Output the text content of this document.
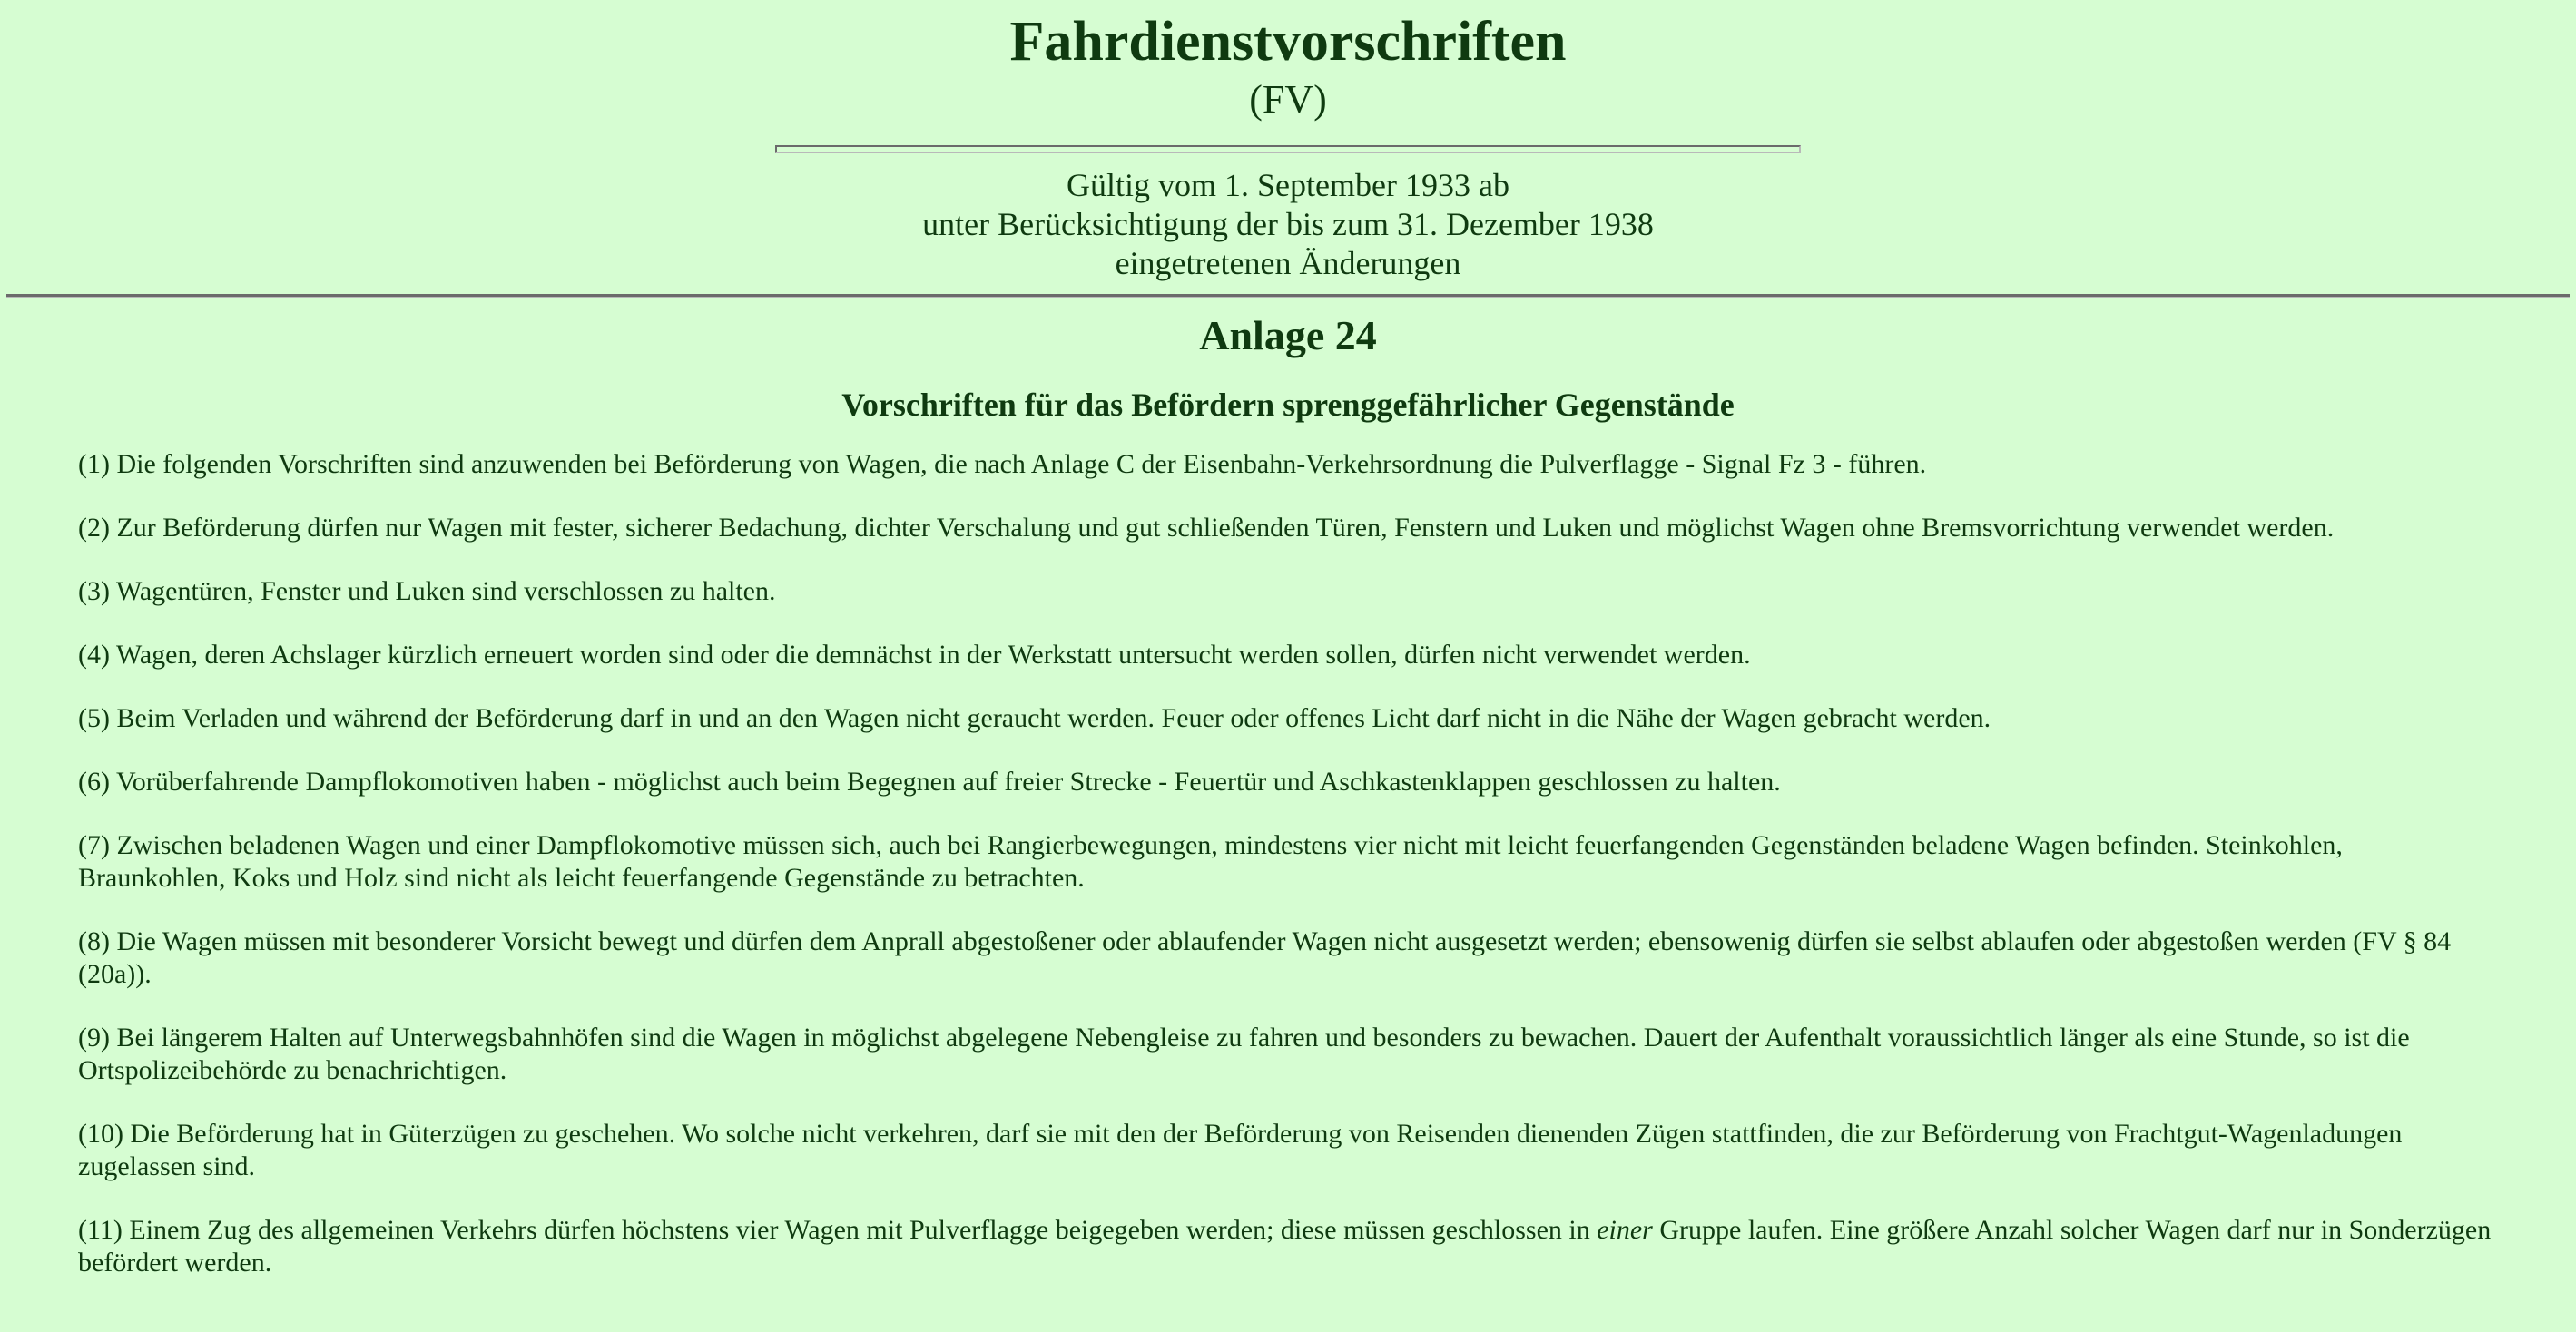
Fahrdienstvorschriften
(FV)
Gültig vom 1. September 1933 ab
unter Berücksichtigung der bis zum 31. Dezember 1938
eingetretenen Änderungen
Anlage 24
Vorschriften für das Befördern sprenggefährlicher Gegenstände

(1) Die folgenden Vorschriften sind anzuwenden bei Beförderung von Wagen, die nach Anlage C der Eisenbahn-Verkehrsordnung die Pulverflagge - Signal Fz 3 - führen.

(2) Zur Beförderung dürfen nur Wagen mit fester, sicherer Bedachung, dichter Verschalung und gut schließenden Türen, Fenstern und Luken und möglichst Wagen ohne Bremsvorrichtung verwendet werden.

(3) Wagentüren, Fenster und Luken sind verschlossen zu halten.

(4) Wagen, deren Achslager kürzlich erneuert worden sind oder die demnächst in der Werkstatt untersucht werden sollen, dürfen nicht verwendet werden.

(5) Beim Verladen und während der Beförderung darf in und an den Wagen nicht geraucht werden. Feuer oder offenes Licht darf nicht in die Nähe der Wagen gebracht werden.

(6) Vorüberfahrende Dampflokomotiven haben - möglichst auch beim Begegnen auf freier Strecke - Feuertür und Aschkastenklappen geschlossen zu halten.

(7) Zwischen beladenen Wagen und einer Dampflokomotive müssen sich, auch bei Rangierbewegungen, mindestens vier nicht mit leicht feuerfangenden Gegenständen beladene Wagen befinden. Steinkohlen, Braunkohlen, Koks und Holz sind nicht als leicht feuerfangende Gegenstände zu betrachten.

(8) Die Wagen müssen mit besonderer Vorsicht bewegt und dürfen dem Anprall abgestoßener oder ablaufender Wagen nicht ausgesetzt werden; ebensowenig dürfen sie selbst ablaufen oder abgestoßen werden (FV § 84 (20a)).

(9) Bei längerem Halten auf Unterwegsbahnhöfen sind die Wagen in möglichst abgelegene Nebengleise zu fahren und besonders zu bewachen. Dauert der Aufenthalt voraussichtlich länger als eine Stunde, so ist die Ortspolizeibehörde zu benachrichtigen.

(10) Die Beförderung hat in Güterzügen zu geschehen. Wo solche nicht verkehren, darf sie mit den der Beförderung von Reisenden dienenden Zügen stattfinden, die zur Beförderung von Frachtgut-Wagenladungen zugelassen sind.

(11) Einem Zug des allgemeinen Verkehrs dürfen höchstens vier Wagen mit Pulverflagge beigegeben werden; diese müssen geschlossen in einer Gruppe laufen. Eine größere Anzahl solcher Wagen darf nur in Sonderzügen befördert werden.
